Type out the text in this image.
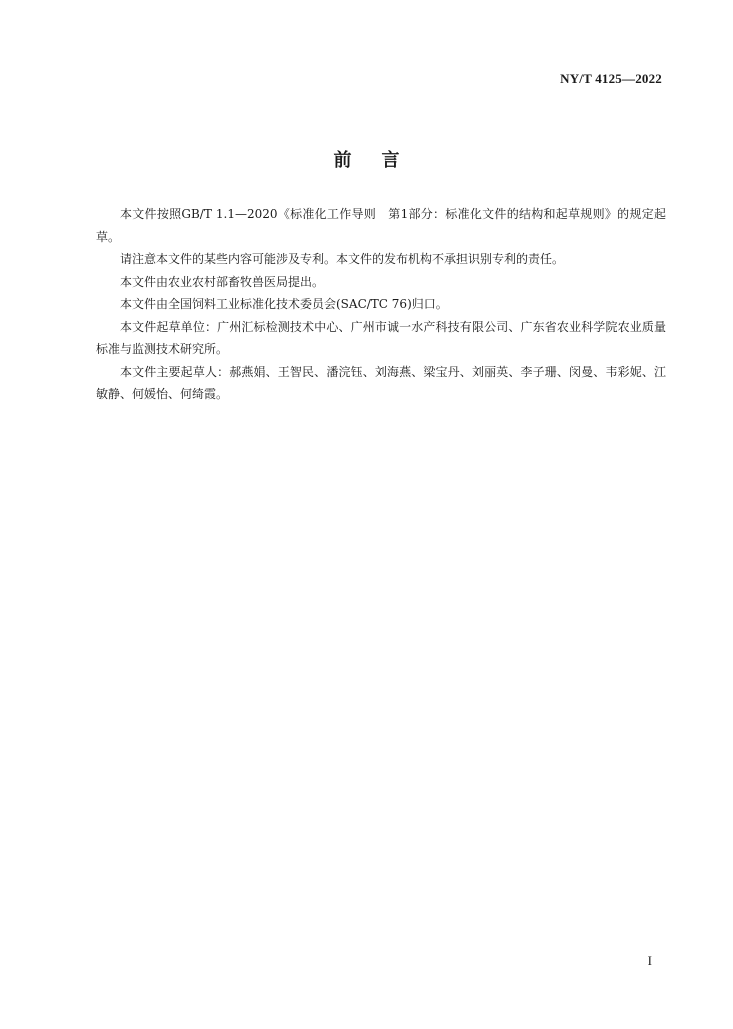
NY/T 4125—2022
前 言

本文件按照GB/T 1.1—2020《标准化工作导则　第1部分：标准化文件的结构和起草规则》的规定起草。

请注意本文件的某些内容可能涉及专利。本文件的发布机构不承担识别专利的责任。

本文件由农业农村部畜牧兽医局提出。

本文件由全国饲料工业标准化技术委员会(SAC/TC 76)归口。

本文件起草单位：广州汇标检测技术中心、广州市诚一水产科技有限公司、广东省农业科学院农业质量标准与监测技术研究所。

本文件主要起草人：郝燕娟、王智民、潘浣钰、刘海燕、梁宝丹、刘丽英、李子珊、闵曼、韦彩妮、江敏静、何媛怡、何绮霞。

I
